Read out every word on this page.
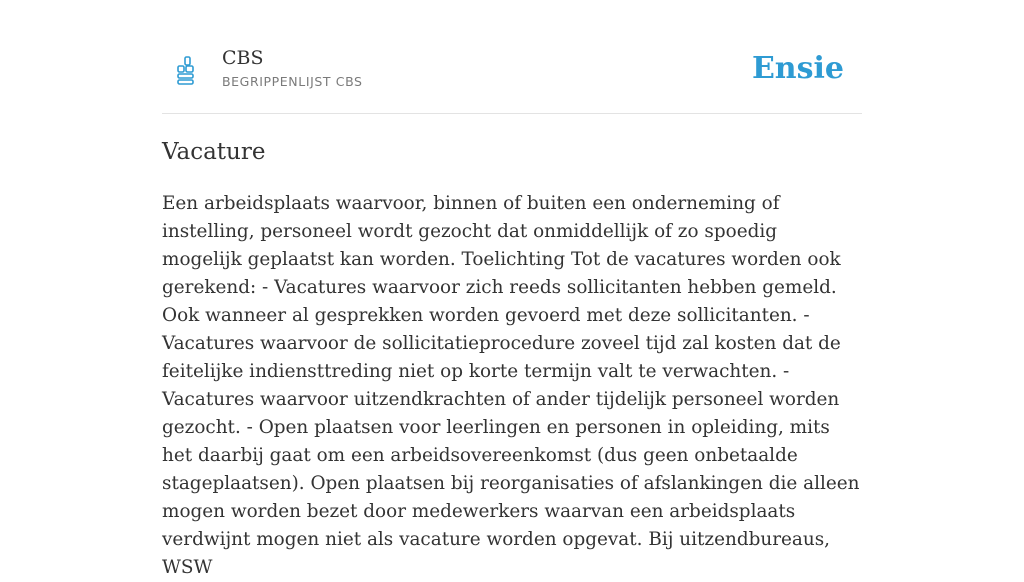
CBS
BEGRIPPENLIJST CBS	Ensie
Vacature

Een arbeidsplaats waarvoor, binnen of buiten een onderneming of instelling, personeel wordt gezocht dat onmiddellijk of zo spoedig mogelijk geplaatst kan worden. Toelichting Tot de vacatures worden ook gerekend: - Vacatures waarvoor zich reeds sollicitanten hebben gemeld. Ook wanneer al gesprekken worden gevoerd met deze sollicitanten. - Vacatures waarvoor de sollicitatieprocedure zoveel tijd zal kosten dat de feitelijke indiensttreding niet op korte termijn valt te verwachten. - Vacatures waarvoor uitzendkrachten of ander tijdelijk personeel worden gezocht. - Open plaatsen voor leerlingen en personen in opleiding, mits het daarbij gaat om een arbeidsovereenkomst (dus geen onbetaalde stageplaatsen). Open plaatsen bij reorganisaties of afslankingen die alleen mogen worden bezet door medewerkers waarvan een arbeidsplaats verdwijnt mogen niet als vacature worden opgevat. Bij uitzendbureaus, WSW
